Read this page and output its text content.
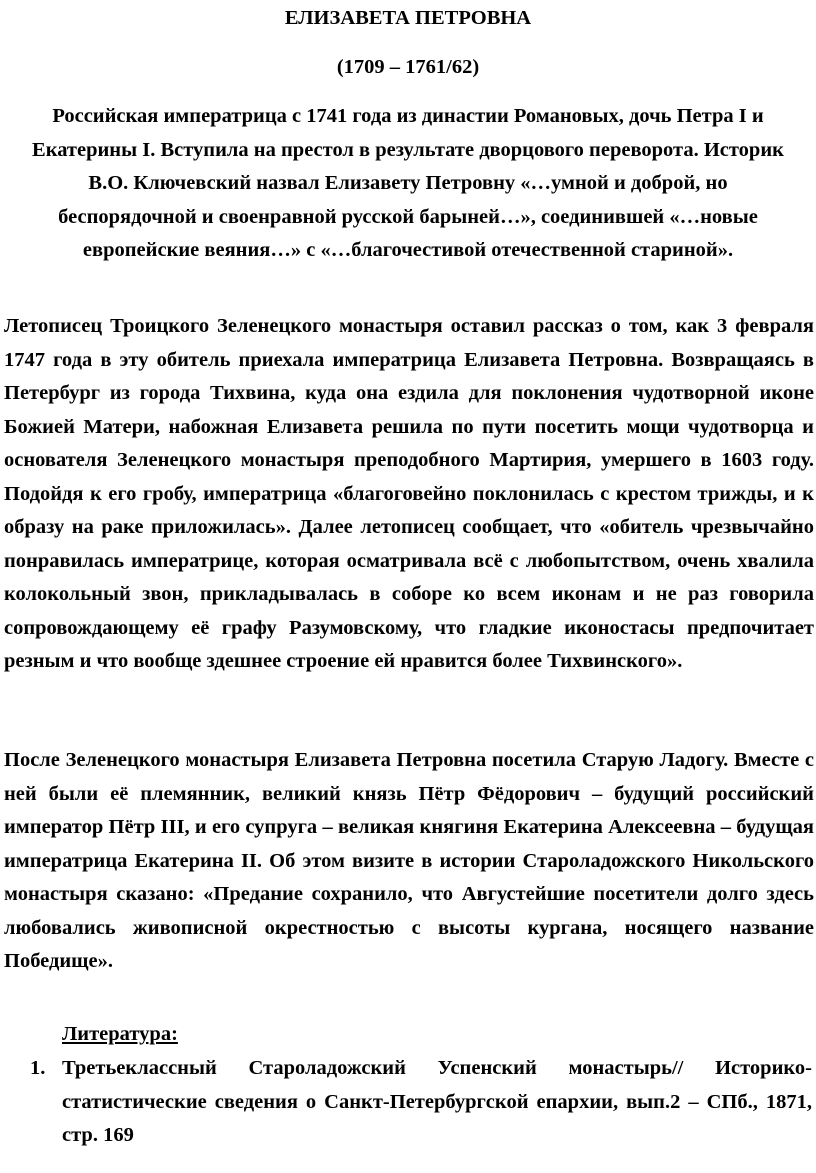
ЕЛИЗАВЕТА ПЕТРОВНА

(1709 – 1761/62)

Российская императрица с 1741 года из династии Романовых, дочь Петра I и Екатерины I. Вступила на престол в результате дворцового переворота. Историк В.О. Ключевский назвал Елизавету Петровну «…умной и доброй, но беспорядочной и своенравной русской барыней…», соединившей «…новые европейские веяния…» с «…благочестивой отечественной стариной».

Летописец Троицкого Зеленецкого монастыря оставил рассказ о том, как 3 февраля 1747 года в эту обитель приехала императрица Елизавета Петровна. Возвращаясь в Петербург из города Тихвина, куда она ездила для поклонения чудотворной иконе Божией Матери, набожная Елизавета решила по пути посетить мощи чудотворца и основателя Зеленецкого монастыря преподобного Мартирия, умершего в 1603 году. Подойдя к его гробу, императрица «благоговейно поклонилась с крестом трижды, и к образу на раке приложилась». Далее летописец сообщает, что «обитель чрезвычайно понравилась императрице, которая осматривала всё с любопытством, очень хвалила колокольный звон, прикладывалась в соборе ко всем иконам и не раз говорила сопровождающему её графу Разумовскому, что гладкие иконостасы предпочитает резным и что вообще здешнее строение ей нравится более Тихвинского».

После Зеленецкого монастыря Елизавета Петровна посетила Старую Ладогу. Вместе с ней были её племянник, великий князь Пётр Фёдорович – будущий российский император Пётр III, и его супруга – великая княгиня Екатерина Алексеевна – будущая императрица Екатерина II. Об этом визите в истории Староладожского Никольского монастыря сказано: «Предание сохранило, что Августейшие посетители долго здесь любовались живописной окрестностью с высоты кургана, носящего название Победище».

Литература:

1. Третьеклассный Староладожский Успенский монастырь// Историко-статистические сведения о Санкт-Петербургской епархии, вып.2 – СПб., 1871, стр. 169
